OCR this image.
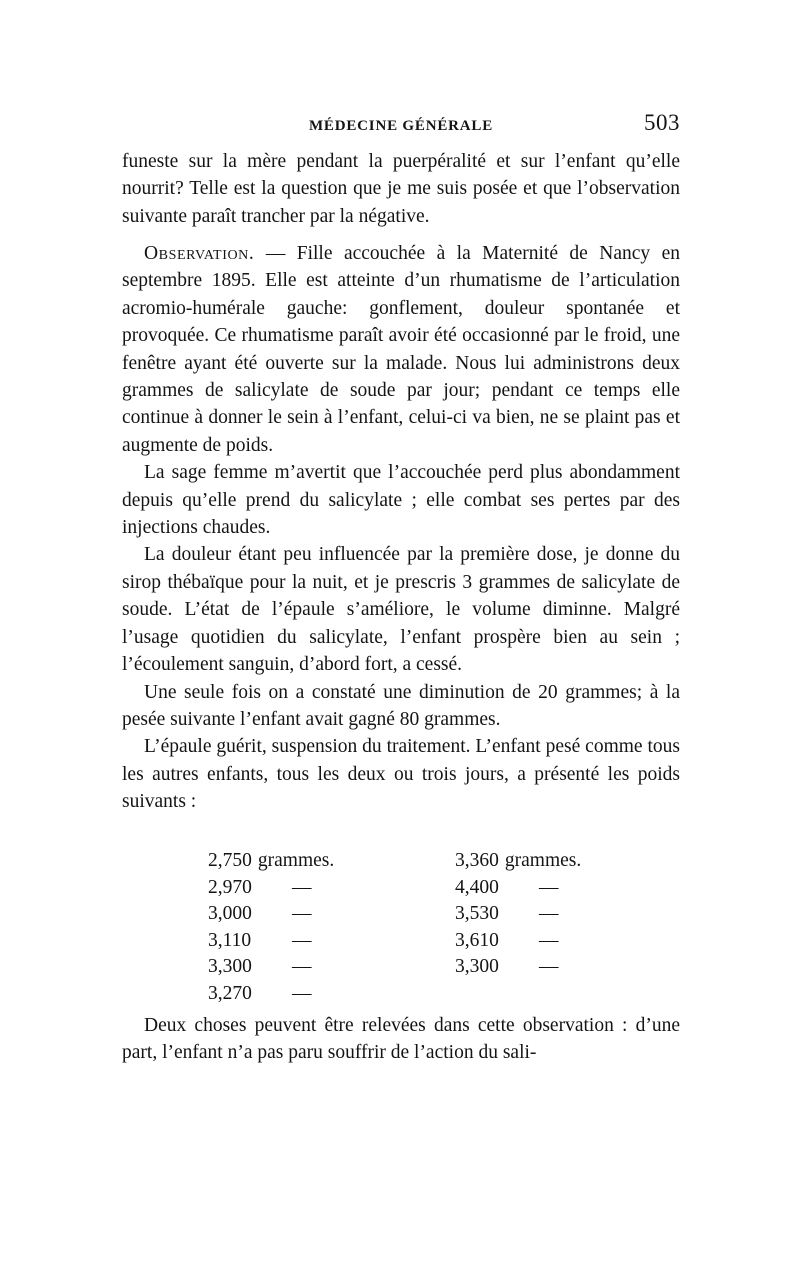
MÉDECINE GÉNÉRALE	503

funeste sur la mère pendant la puerpéralité et sur l’enfant qu’elle nourrit? Telle est la question que je me suis posée et que l’observation suivante paraît trancher par la négative.

Observation. — Fille accouchée à la Maternité de Nancy en septembre 1895. Elle est atteinte d’un rhumatisme de l’articulation acromio-humérale gauche: gonflement, douleur spontanée et provoquée. Ce rhumatisme paraît avoir été occasionné par le froid, une fenêtre ayant été ouverte sur la malade. Nous lui administrons deux grammes de salicylate de soude par jour; pendant ce temps elle continue à donner le sein à l’enfant, celui-ci va bien, ne se plaint pas et augmente de poids.

La sage femme m’avertit que l’accouchée perd plus abondamment depuis qu’elle prend du salicylate ; elle combat ses pertes par des injections chaudes.

La douleur étant peu influencée par la première dose, je donne du sirop thébaïque pour la nuit, et je prescris 3 grammes de salicylate de soude. L’état de l’épaule s’améliore, le volume diminne. Malgré l’usage quotidien du salicylate, l’enfant prospère bien au sein ; l’écoulement sanguin, d’abord fort, a cessé.

Une seule fois on a constaté une diminution de 20 grammes; à la pesée suivante l’enfant avait gagné 80 grammes.

L’épaule guérit, suspension du traitement. L’enfant pesé comme tous les autres enfants, tous les deux ou trois jours, a présenté les poids suivants :

2,750 grammes.
2,970 —
3,000 —
3,110 —
3,300 —
3,270 —
3,360 grammes.
4,400 —
3,530 —
3,610 —
3,300 —

Deux choses peuvent être relevées dans cette observation : d’une part, l’enfant n’a pas paru souffrir de l’action du sali-
